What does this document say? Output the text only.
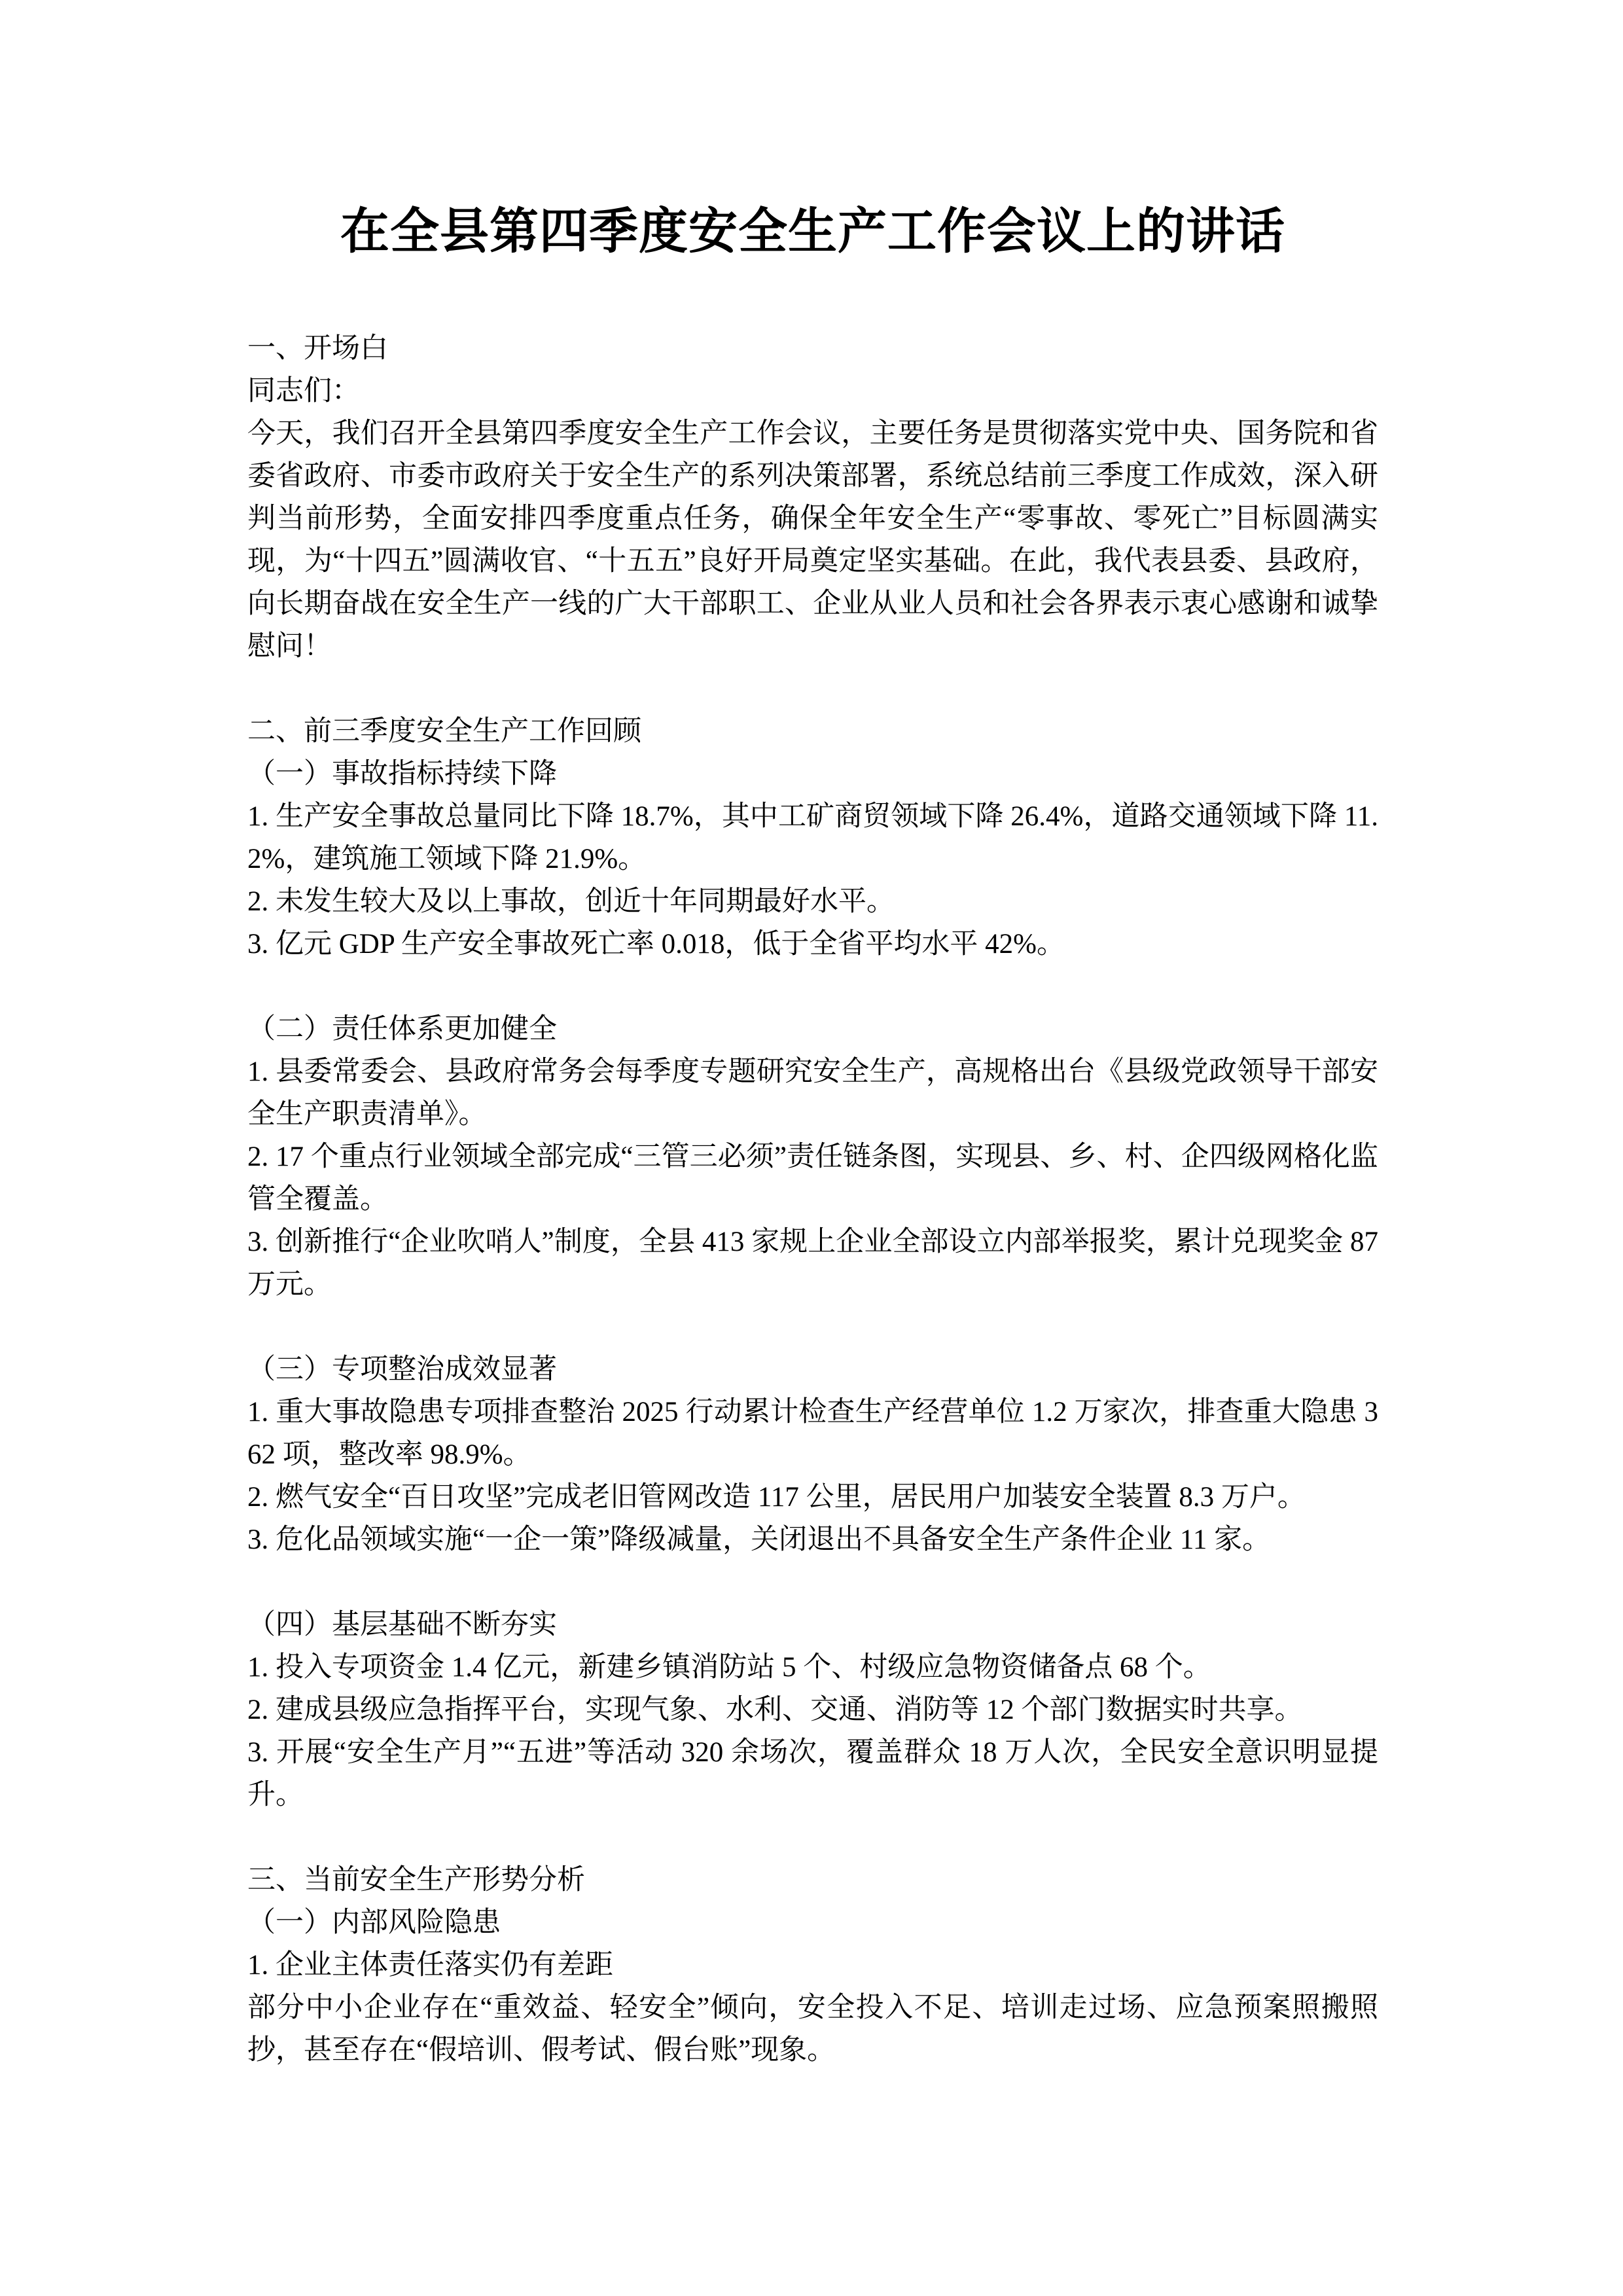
在全县第四季度安全生产工作会议上的讲话

一、开场白

同志们：

今天，我们召开全县第四季度安全生产工作会议，主要任务是贯彻落实党中央、国务院和省委省政府、市委市政府关于安全生产的系列决策部署，系统总结前三季度工作成效，深入研判当前形势，全面安排四季度重点任务，确保全年安全生产“零事故、零死亡”目标圆满实现，为“十四五”圆满收官、“十五五”良好开局奠定坚实基础。在此，我代表县委、县政府，向长期奋战在安全生产一线的广大干部职工、企业从业人员和社会各界表示衷心感谢和诚挚慰问！

二、前三季度安全生产工作回顾

（一）事故指标持续下降

1. 生产安全事故总量同比下降 18.7%，其中工矿商贸领域下降 26.4%，道路交通领域下降 11.2%，建筑施工领域下降 21.9%。

2. 未发生较大及以上事故，创近十年同期最好水平。

3. 亿元 GDP 生产安全事故死亡率 0.018，低于全省平均水平 42%。

（二）责任体系更加健全

1. 县委常委会、县政府常务会每季度专题研究安全生产，高规格出台《县级党政领导干部安全生产职责清单》。

2. 17 个重点行业领域全部完成“三管三必须”责任链条图，实现县、乡、村、企四级网格化监管全覆盖。

3. 创新推行“企业吹哨人”制度，全县 413 家规上企业全部设立内部举报奖，累计兑现奖金 87 万元。

（三）专项整治成效显著

1. 重大事故隐患专项排查整治 2025 行动累计检查生产经营单位 1.2 万家次，排查重大隐患 362 项，整改率 98.9%。

2. 燃气安全“百日攻坚”完成老旧管网改造 117 公里，居民用户加装安全装置 8.3 万户。

3. 危化品领域实施“一企一策”降级减量，关闭退出不具备安全生产条件企业 11 家。

（四）基层基础不断夯实

1. 投入专项资金 1.4 亿元，新建乡镇消防站 5 个、村级应急物资储备点 68 个。

2. 建成县级应急指挥平台，实现气象、水利、交通、消防等 12 个部门数据实时共享。

3. 开展“安全生产月”“五进”等活动 320 余场次，覆盖群众 18 万人次，全民安全意识明显提升。

三、当前安全生产形势分析

（一）内部风险隐患

1. 企业主体责任落实仍有差距

部分中小企业存在“重效益、轻安全”倾向，安全投入不足、培训走过场、应急预案照搬照抄，甚至存在“假培训、假考试、假台账”现象。
